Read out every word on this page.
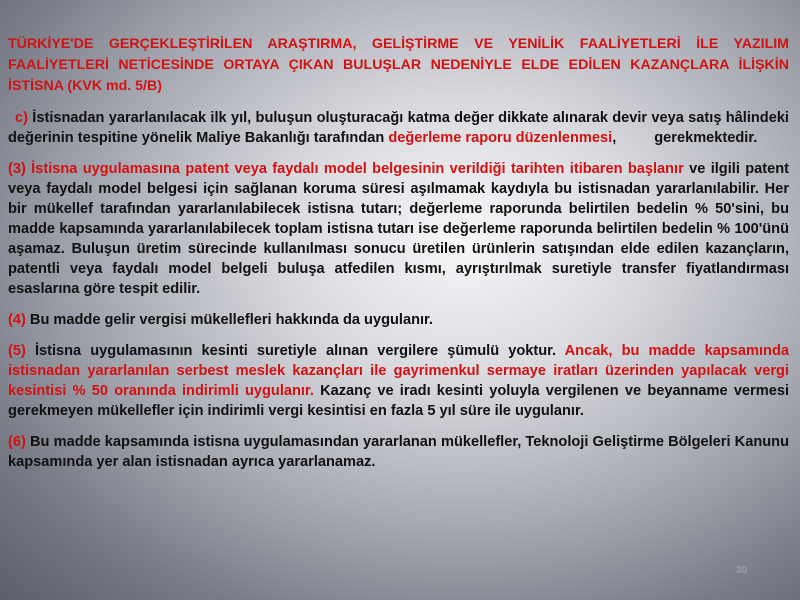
TÜRKİYE'DE GERÇEKLEŞTİRİLEN ARAŞTIRMA, GELİŞTİRME VE YENİLİK FAALİYETLERİ İLE YAZILIM FAALİYETLERİ NETİCESİNDE ORTAYA ÇIKAN BULUŞLAR NEDENİYLE ELDE EDİLEN KAZANÇLARA İLİŞKİN İSTİSNA (KVK md. 5/B)
c) İstisnadan yararlanılacak ilk yıl, buluşun oluşturacağı katma değer dikkate alınarak devir veya satış hâlindeki değerinin tespitine yönelik Maliye Bakanlığı tarafından değerleme raporu düzenlenmesi,	gerekmektedir.
(3) İstisna uygulamasına patent veya faydalı model belgesinin verildiği tarihten itibaren başlanır ve ilgili patent veya faydalı model belgesi için sağlanan koruma süresi aşılmamak kaydıyla bu istisnadan yararlanılabilir. Her bir mükellef tarafından yararlanılabilecek istisna tutarı; değerleme raporunda belirtilen bedelin % 50'sini, bu madde kapsamında yararlanılabilecek toplam istisna tutarı ise değerleme raporunda belirtilen bedelin % 100'ünü aşamaz. Buluşun üretim sürecinde kullanılması sonucu üretilen ürünlerin satışından elde edilen kazançların, patentli veya faydalı model belgeli buluşa atfedilen kısmı, ayrıştırılmak suretiyle transfer fiyatlandırması esaslarına göre tespit edilir.
(4) Bu madde gelir vergisi mükellefleri hakkında da uygulanır.
(5) İstisna uygulamasının kesinti suretiyle alınan vergilere şümulü yoktur. Ancak, bu madde kapsamında istisnadan yararlanılan serbest meslek kazançları ile gayrimenkul sermaye iratları üzerinden yapılacak vergi kesintisi % 50 oranında indirimli uygulanır. Kazanç ve iradı kesinti yoluyla vergilenen ve beyanname vermesi gerekmeyen mükellefler için indirimli vergi kesintisi en fazla 5 yıl süre ile uygulanır.
(6) Bu madde kapsamında istisna uygulamasından yararlanan mükellefler, Teknoloji Geliştirme Bölgeleri Kanunu kapsamında yer alan istisnadan ayrıca yararlanamaz.
30
